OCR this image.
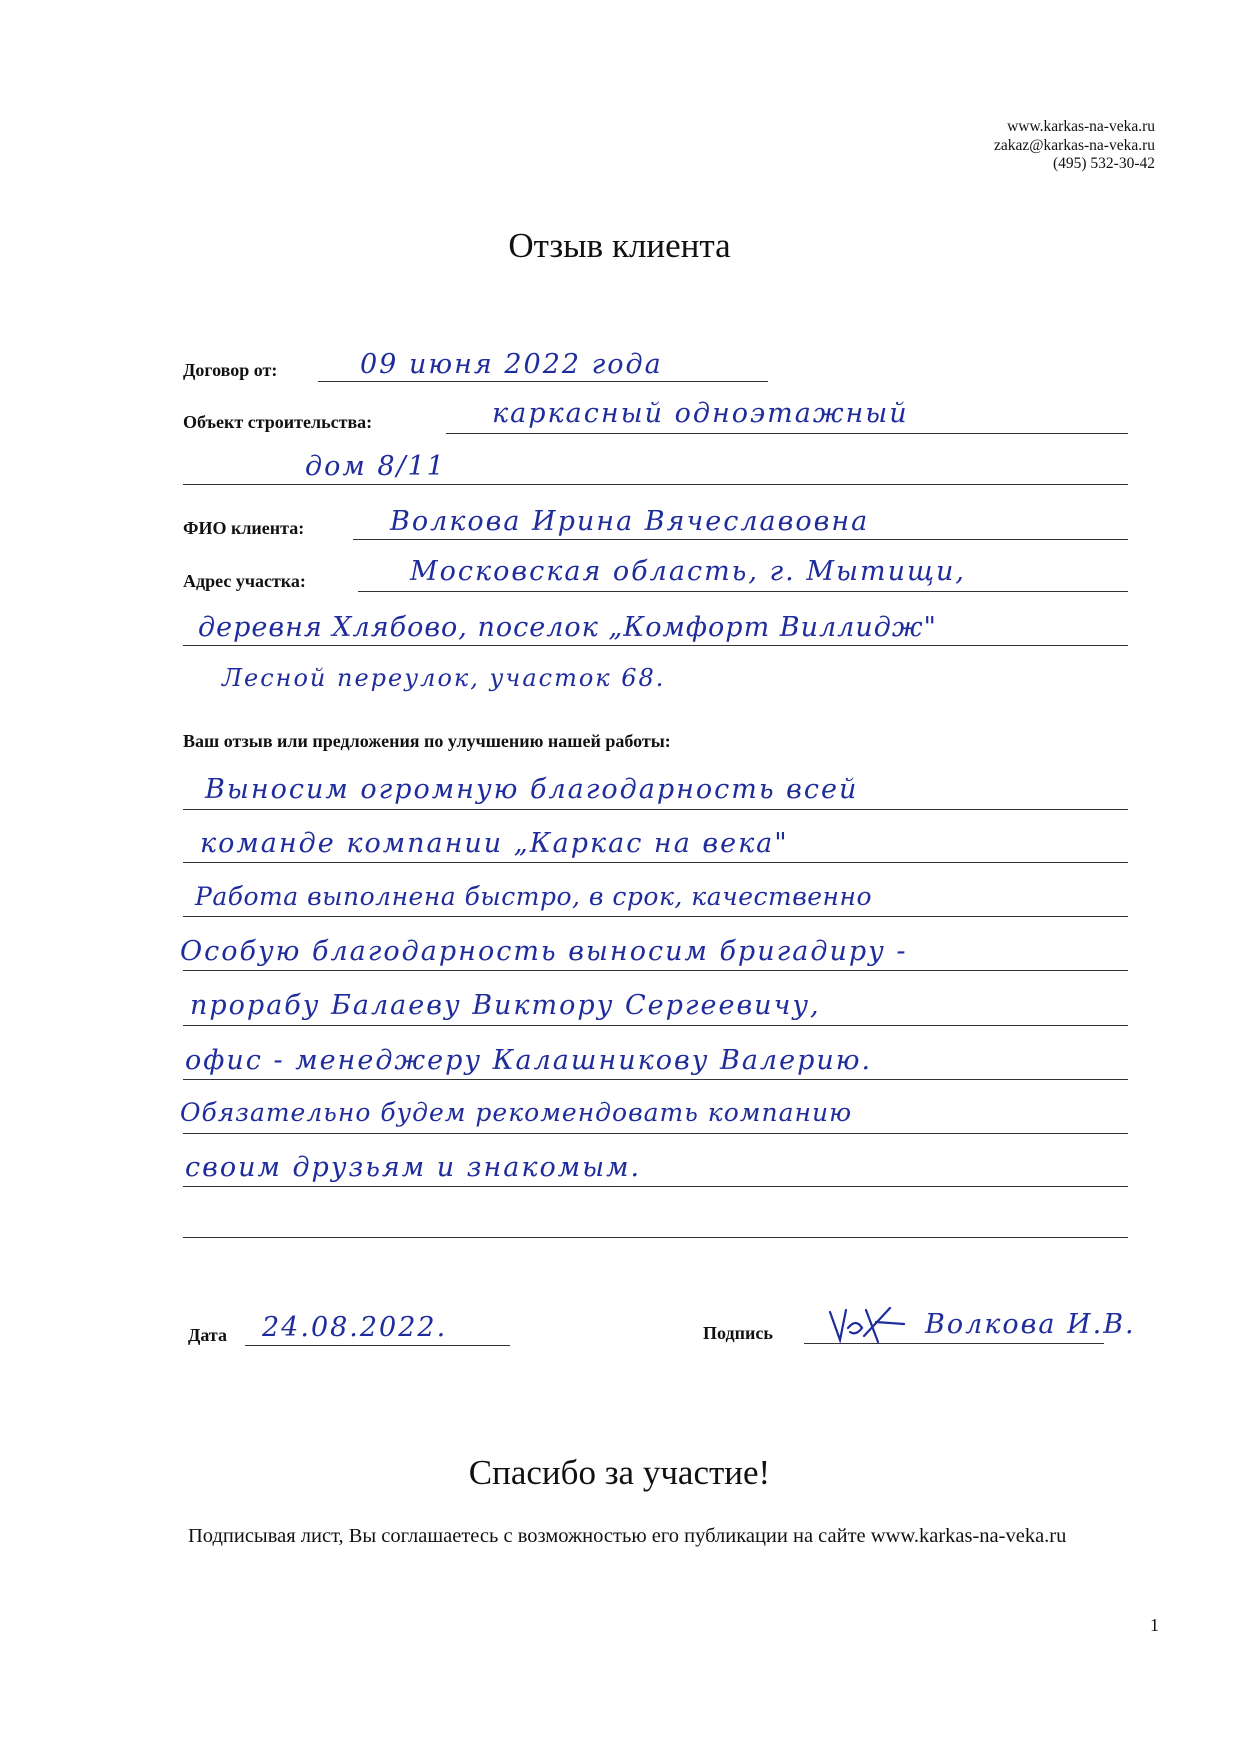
www.karkas-na-veka.ru
zakaz@karkas-na-veka.ru
(495) 532-30-42
Отзыв клиента
Договор от:	09 июня 2022 года
Объект строительства:	каркасный одноэтажный
дом 8/11
ФИО клиента:	Волкова Ирина Вячеславовна
Адрес участка:	Московская область, г. Мытищи,
деревня Хлябово, поселок „Комфорт Виллидж"
Лесной переулок, участок 68.
Ваш отзыв или предложения по улучшению нашей работы:
Выносим огромную благодарность всей
команде компании „Каркас на века"
Работа выполнена быстро, в срок, качественно
Особую благодарность выносим бригадиру -
прорабу Балаеву Виктору Сергеевичу,
офис - менеджеру Калашникову Валерию.
Обязательно будем рекомендовать компанию
своим друзьям и знакомым.
Дата 24.08.2022.	Подпись	Волкова И.В.
Спасибо за участие!
Подписывая лист, Вы соглашаетесь с возможностью его публикации на сайте www.karkas-na-veka.ru
1
